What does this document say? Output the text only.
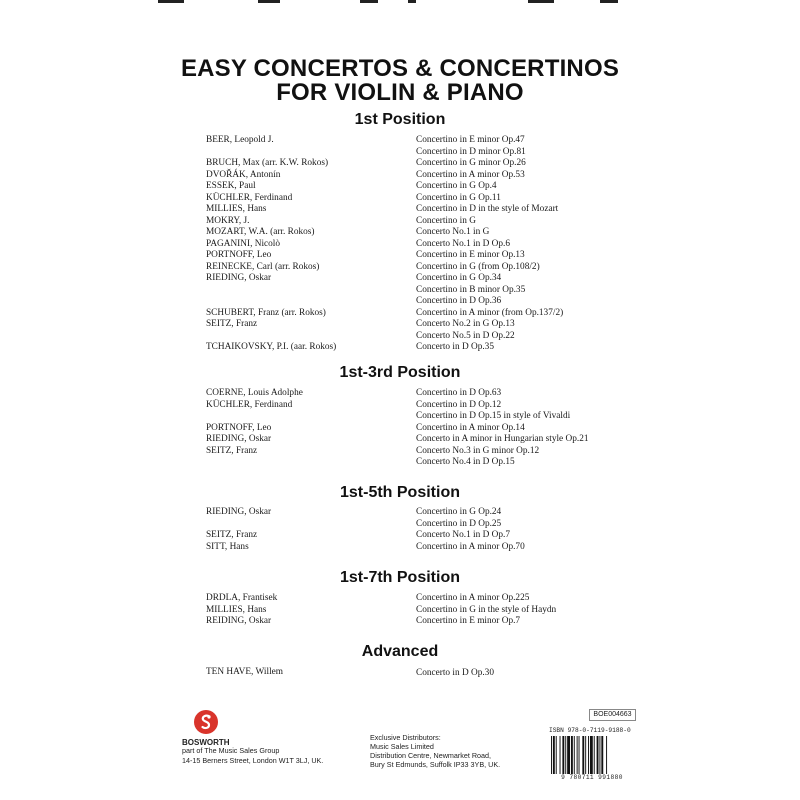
EASY CONCERTOS & CONCERTINOS
FOR VIOLIN & PIANO
1st Position
BEER, Leopold J.	Concertino in E minor Op.47
Concertino in D minor Op.81
BRUCH, Max (arr. K.W. Rokos)	Concertino in G minor Op.26
DVOŘÁK, Antonín	Concertino in A minor Op.53
ESSEK, Paul	Concertino in G Op.4
KÜCHLER, Ferdinand	Concertino in G Op.11
MILLIES, Hans	Concertino in D in the style of Mozart
MOKRY, J.	Concertino in G
MOZART, W.A. (arr. Rokos)	Concerto No.1 in G
PAGANINI, Nicolò	Concerto No.1 in D Op.6
PORTNOFF, Leo	Concertino in E minor Op.13
REINECKE, Carl (arr. Rokos)	Concertino in G (from Op.108/2)
RIEDING, Oskar	Concertino in G Op.34
Concertino in B minor Op.35
Concertino in D Op.36
SCHUBERT, Franz (arr. Rokos)	Concertino in A minor (from Op.137/2)
SEITZ, Franz	Concerto No.2 in G Op.13
Concerto No.5 in D Op.22
TCHAIKOVSKY, P.I. (aar. Rokos)	Concerto in D Op.35
1st-3rd Position
COERNE, Louis Adolphe	Concertino in D Op.63
KÜCHLER, Ferdinand	Concertino in D Op.12
Concertino in D Op.15 in style of Vivaldi
PORTNOFF, Leo	Concertino in A minor Op.14
RIEDING, Oskar	Concerto in A minor in Hungarian style Op.21
SEITZ, Franz	Concerto No.3 in G minor Op.12
Concerto No.4 in D Op.15
1st-5th Position
RIEDING, Oskar	Concertino in G Op.24
Concertino in D Op.25
SEITZ, Franz	Concerto No.1 in D Op.7
SITT, Hans	Concertino in A minor Op.70
1st-7th Position
DRDLA, Frantisek	Concertino in A minor Op.225
MILLIES, Hans	Concertino in G in the style of Haydn
REIDING, Oskar	Concertino in E minor Op.7
Advanced
TEN HAVE, Willem	Concerto in D Op.30
BOSWORTH
part of The Music Sales Group
14-15 Berners Street, London W1T 3LJ, UK.
Exclusive Distributors:
Music Sales Limited
Distribution Centre, Newmarket Road,
Bury St Edmunds, Suffolk IP33 3YB, UK.
BOE004663
ISBN 978-0-7119-9188-0
9 780711 991880
